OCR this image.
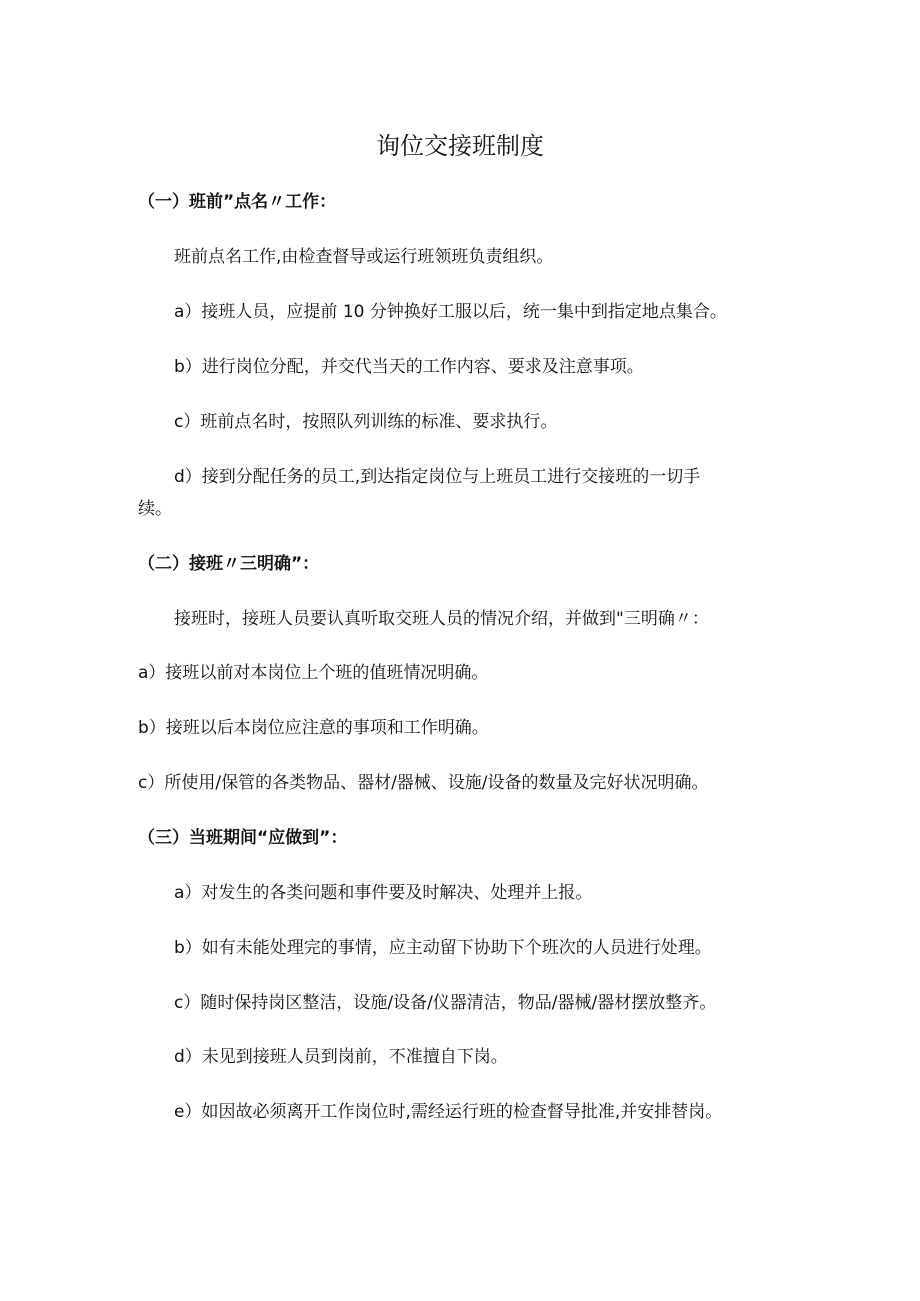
询位交接班制度
（一）班前”点名〃工作：
班前点名工作,由检查督导或运行班领班负责组织。
a）接班人员，应提前 10 分钟换好工服以后，统一集中到指定地点集合。
b）进行岗位分配，并交代当天的工作内容、要求及注意事项。
c）班前点名时，按照队列训练的标准、要求执行。
d）接到分配任务的员工,到达指定岗位与上班员工进行交接班的一切手
续。
（二）接班〃三明确”：
接班时，接班人员要认真听取交班人员的情况介绍，并做到"三明确〃：
a）接班以前对本岗位上个班的值班情况明确。
b）接班以后本岗位应注意的事项和工作明确。
c）所使用/保管的各类物品、器材/器械、设施/设备的数量及完好状况明确。
（三）当班期间“应做到”：
a）对发生的各类问题和事件要及时解决、处理并上报。
b）如有未能处理完的事情，应主动留下协助下个班次的人员进行处理。
c）随时保持岗区整洁，设施/设备/仪器清洁，物品/器械/器材摆放整齐。
d）未见到接班人员到岗前，不准擅自下岗。
e）如因故必须离开工作岗位时,需经运行班的检查督导批准,并安排替岗。
